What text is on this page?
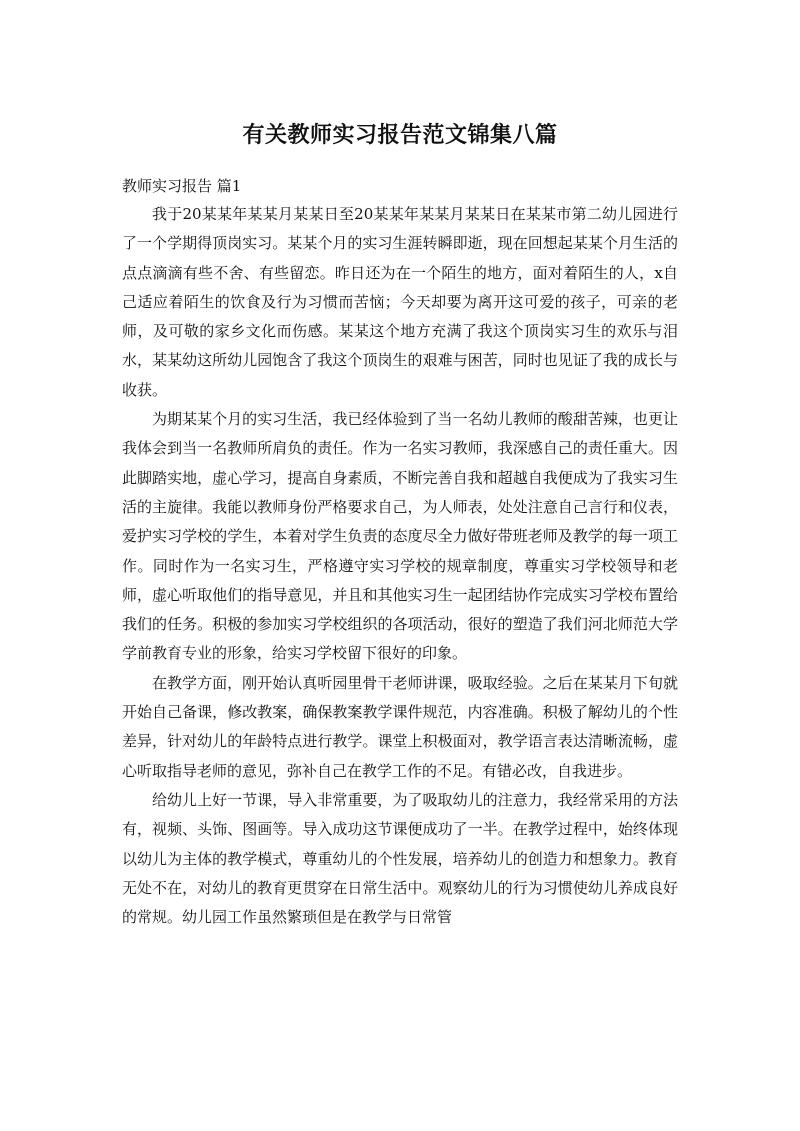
有关教师实习报告范文锦集八篇

教师实习报告 篇1

我于20某某年某某月某某日至20某某年某某月某某日在某某市第二幼儿园进行了一个学期得顶岗实习。某某个月的实习生涯转瞬即逝，现在回想起某某个月生活的点点滴滴有些不舍、有些留恋。昨日还为在一个陌生的地方，面对着陌生的人，x自己适应着陌生的饮食及行为习惯而苦恼；今天却要为离开这可爱的孩子，可亲的老师，及可敬的家乡文化而伤感。某某这个地方充满了我这个顶岗实习生的欢乐与泪水，某某幼这所幼儿园饱含了我这个顶岗生的艰难与困苦，同时也见证了我的成长与收获。

为期某某个月的实习生活，我已经体验到了当一名幼儿教师的酸甜苦辣，也更让我体会到当一名教师所肩负的责任。作为一名实习教师，我深感自己的责任重大。因此脚踏实地，虚心学习，提高自身素质，不断完善自我和超越自我便成为了我实习生活的主旋律。我能以教师身份严格要求自己，为人师表，处处注意自己言行和仪表，爱护实习学校的学生，本着对学生负责的态度尽全力做好带班老师及教学的每一项工作。同时作为一名实习生，严格遵守实习学校的规章制度，尊重实习学校领导和老师，虚心听取他们的指导意见，并且和其他实习生一起团结协作完成实习学校布置给我们的任务。积极的参加实习学校组织的各项活动，很好的塑造了我们河北师范大学学前教育专业的形象，给实习学校留下很好的印象。

在教学方面，刚开始认真听园里骨干老师讲课，吸取经验。之后在某某月下旬就开始自己备课，修改教案，确保教案教学课件规范，内容准确。积极了解幼儿的个性差异，针对幼儿的年龄特点进行教学。课堂上积极面对，教学语言表达清晰流畅，虚心听取指导老师的意见，弥补自己在教学工作的不足。有错必改，自我进步。

给幼儿上好一节课，导入非常重要，为了吸取幼儿的注意力，我经常采用的方法有，视频、头饰、图画等。导入成功这节课便成功了一半。在教学过程中，始终体现以幼儿为主体的教学模式，尊重幼儿的个性发展，培养幼儿的创造力和想象力。教育无处不在，对幼儿的教育更贯穿在日常生活中。观察幼儿的行为习惯使幼儿养成良好的常规。幼儿园工作虽然繁琐但是在教学与日常管
